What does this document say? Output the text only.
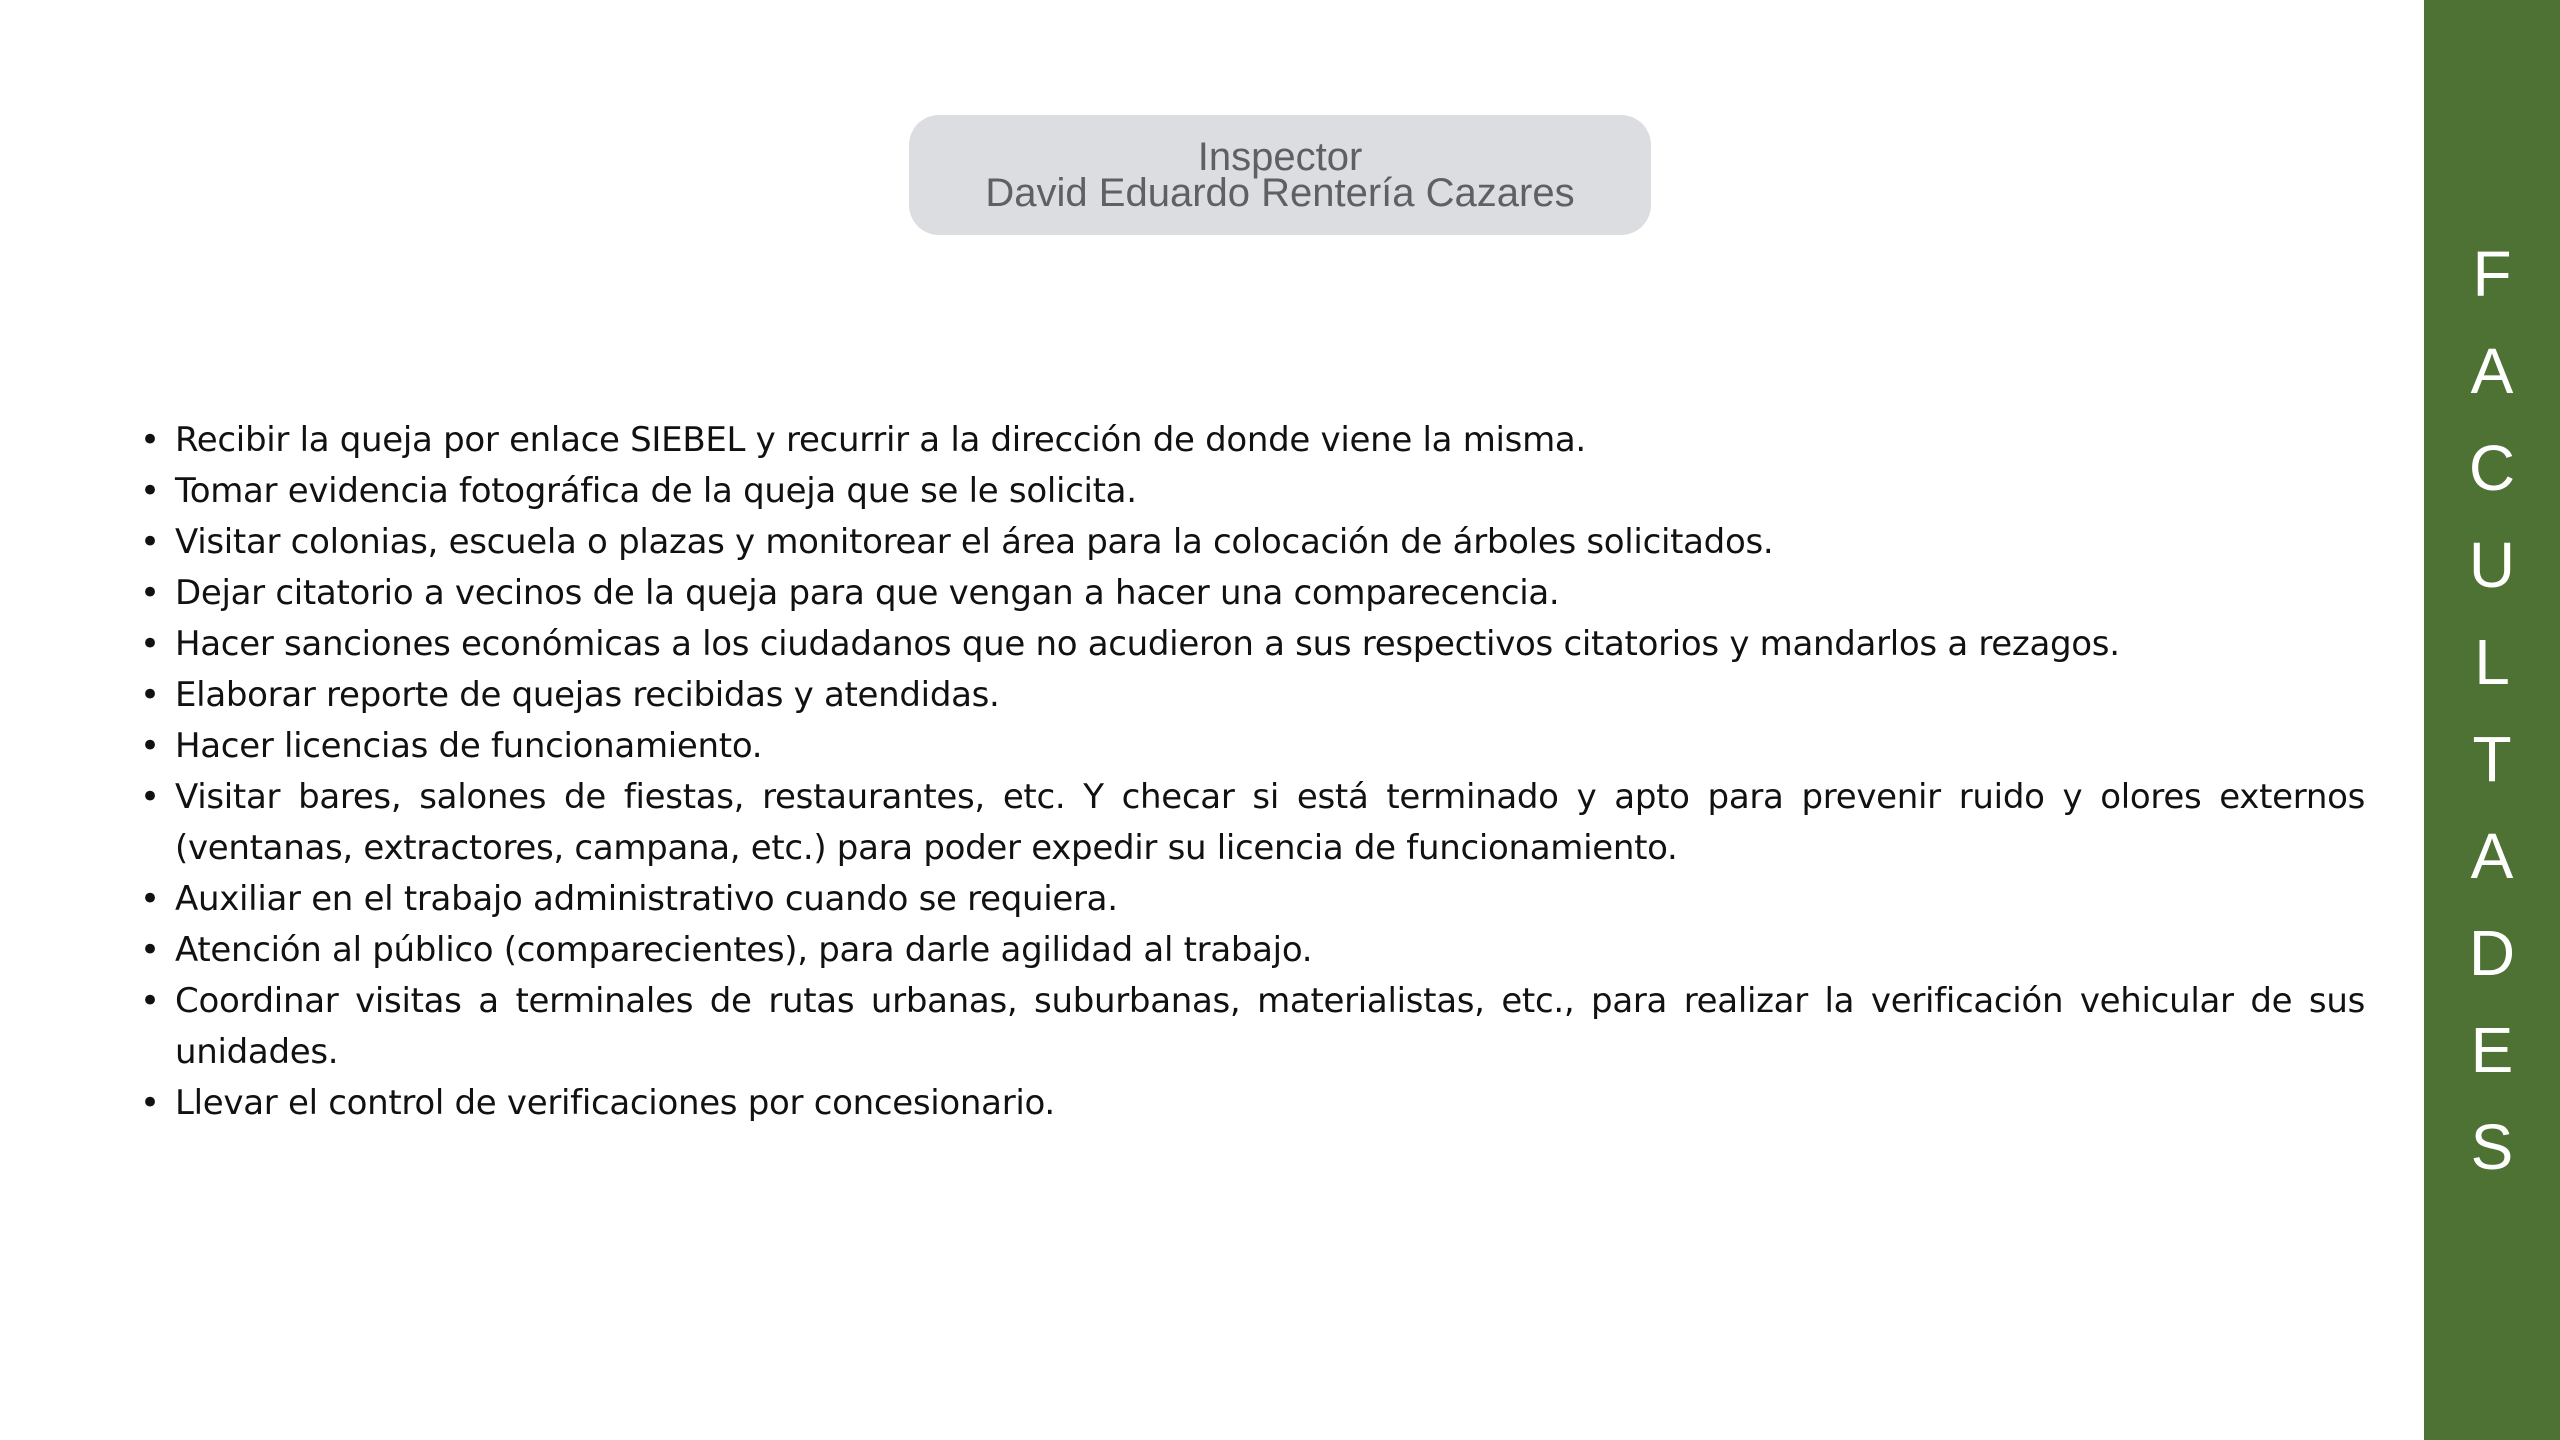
Inspector
David Eduardo Rentería Cazares
• Recibir la queja por enlace SIEBEL y recurrir a la dirección de donde viene la misma.
• Tomar evidencia fotográfica de la queja que se le solicita.
• Visitar colonias, escuela o plazas y monitorear el área para la colocación de árboles solicitados.
• Dejar citatorio a vecinos de la queja para que vengan a hacer una comparecencia.
• Hacer sanciones económicas a los ciudadanos que no acudieron a sus respectivos citatorios y mandarlos a rezagos.
• Elaborar reporte de quejas recibidas y atendidas.
• Hacer licencias de funcionamiento.
• Visitar bares, salones de fiestas, restaurantes, etc. Y checar si está terminado y apto para prevenir ruido y olores externos (ventanas, extractores, campana, etc.) para poder expedir su licencia de funcionamiento.
• Auxiliar en el trabajo administrativo cuando se requiera.
• Atención al público (comparecientes), para darle agilidad al trabajo.
• Coordinar visitas a terminales de rutas urbanas, suburbanas, materialistas, etc., para realizar la verificación vehicular de sus unidades.
• Llevar el control de verificaciones por concesionario.
F
A
C
U
L
T
A
D
E
S
